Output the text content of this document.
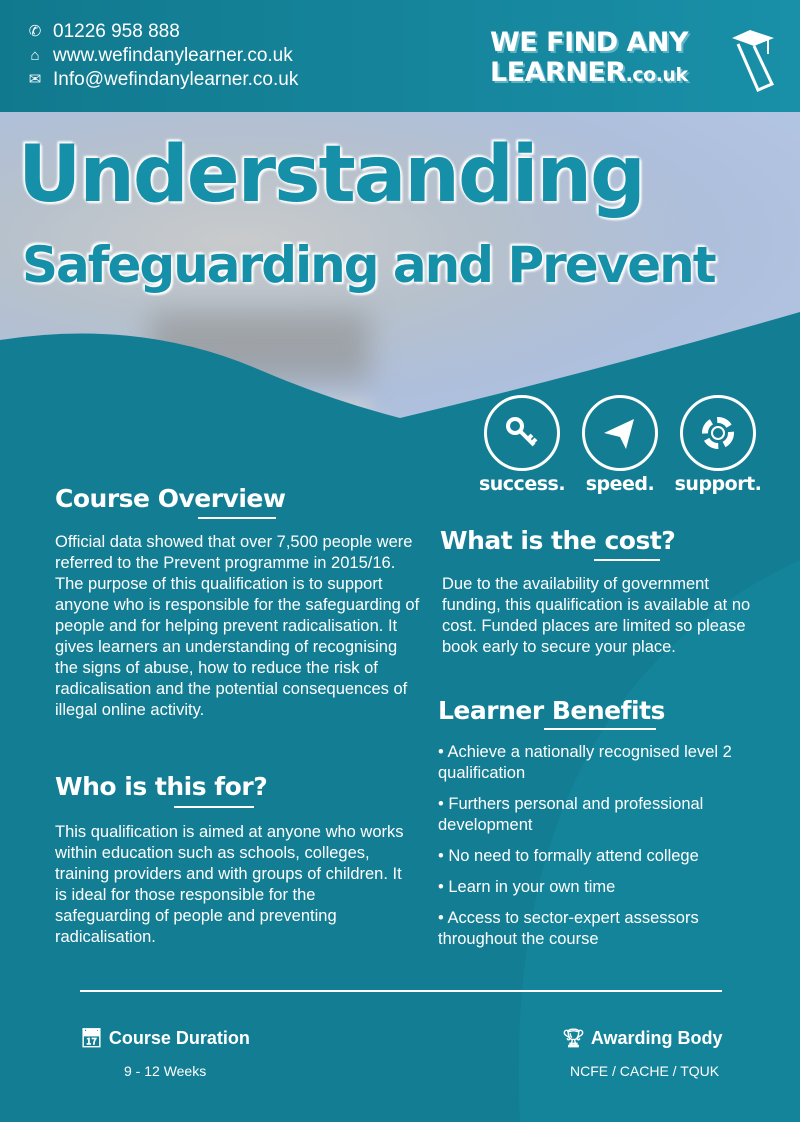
✆ 01226 958 888
⌂ www.wefindanylearner.co.uk
✉ Info@wefindanylearner.co.uk
WE FIND ANY
LEARNER.co.uk
Understanding
Safeguarding and Prevent
success.	speed.	support.
Course Overview
Official data showed that over 7,500 people were referred to the Prevent programme in 2015/16. The purpose of this qualification is to support anyone who is responsible for the safeguarding of people and for helping prevent radicalisation. It gives learners an understanding of recognising the signs of abuse, how to reduce the risk of radicalisation and the potential consequences of illegal online activity.
Who is this for?
This qualification is aimed at anyone who works within education such as schools, colleges, training providers and with groups of children. It is ideal for those responsible for the safeguarding of people and preventing radicalisation.
What is the cost?
Due to the availability of government funding, this qualification is available at no cost. Funded places are limited so please book early to secure your place.
Learner Benefits
• Achieve a nationally recognised level 2 qualification
• Furthers personal and professional development
• No need to formally attend college
• Learn in your own time
• Access to sector-expert assessors throughout the course
📅︎ Course Duration
9 - 12 Weeks
🏆︎ Awarding Body
NCFE / CACHE / TQUK
